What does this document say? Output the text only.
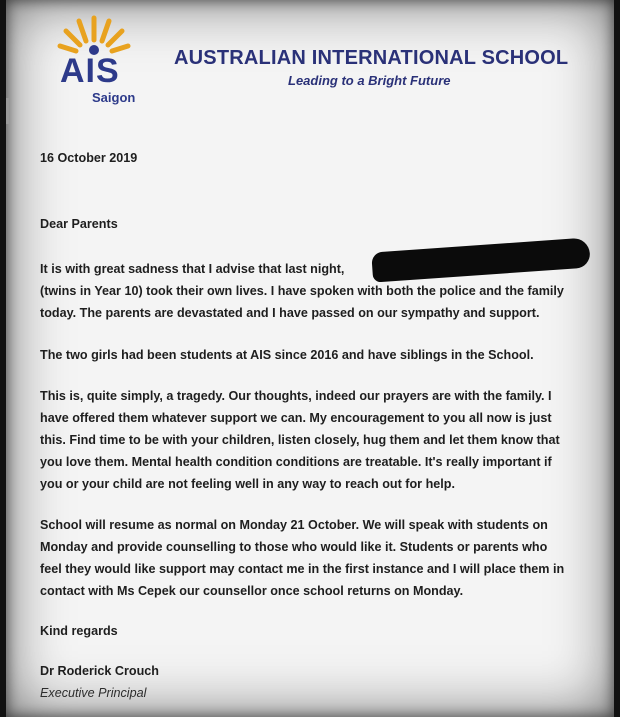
AIS
Saigon
AUSTRALIAN INTERNATIONAL SCHOOL
Leading to a Bright Future
16 October 2019
Dear Parents
It is with great sadness that I advise that last night,
(twins in Year 10) took their own lives. I have spoken with both the police and the family
today. The parents are devastated and I have passed on our sympathy and support.
The two girls had been students at AIS since 2016 and have siblings in the School.
This is, quite simply, a tragedy. Our thoughts, indeed our prayers are with the family. I
have offered them whatever support we can. My encouragement to you all now is just
this. Find time to be with your children, listen closely, hug them and let them know that
you love them. Mental health condition conditions are treatable. It's really important if
you or your child are not feeling well in any way to reach out for help.
School will resume as normal on Monday 21 October. We will speak with students on
Monday and provide counselling to those who would like it. Students or parents who
feel they would like support may contact me in the first instance and I will place them in
contact with Ms Cepek our counsellor once school returns on Monday.
Kind regards
Dr Roderick Crouch
Executive Principal
